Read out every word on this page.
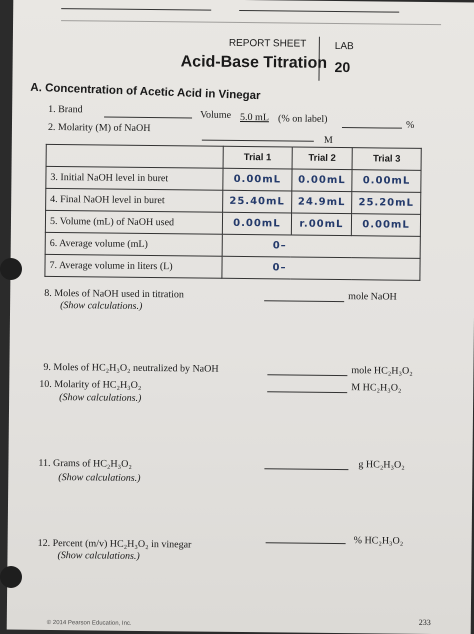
REPORT SHEET	LAB
Acid-Base Titration 20
A. Concentration of Acetic Acid in Vinegar
1. Brand	Volume 5.0 mL (% on label)
%
2. Molarity (M) of NaOH
M
	Trial 1	Trial 2	Trial 3
3. Initial NaOH level in buret	0.00mL	0.00mL	0.00mL
4. Final NaOH level in buret	25.40mL	24.9mL	25.20mL
5. Volume (mL) of NaOH used	0.00mL	r.00mL	0.00mL
6. Average volume (mL)	0–		
7. Average volume in liters (L)	0–		
8. Moles of NaOH used in titration
(Show calculations.)
mole NaOH
9. Moles of HC₂H₃O₂ neutralized by NaOH	mole HC₂H₃O₂
10. Molarity of HC₂H₃O₂
(Show calculations.)
M HC₂H₃O₂
11. Grams of HC₂H₃O₂
(Show calculations.)
g HC₂H₃O₂
12. Percent (m/v) HC₂H₃O₂ in vinegar
(Show calculations.)
% HC₂H₃O₂
233
© 2014 Pearson Education, Inc.
